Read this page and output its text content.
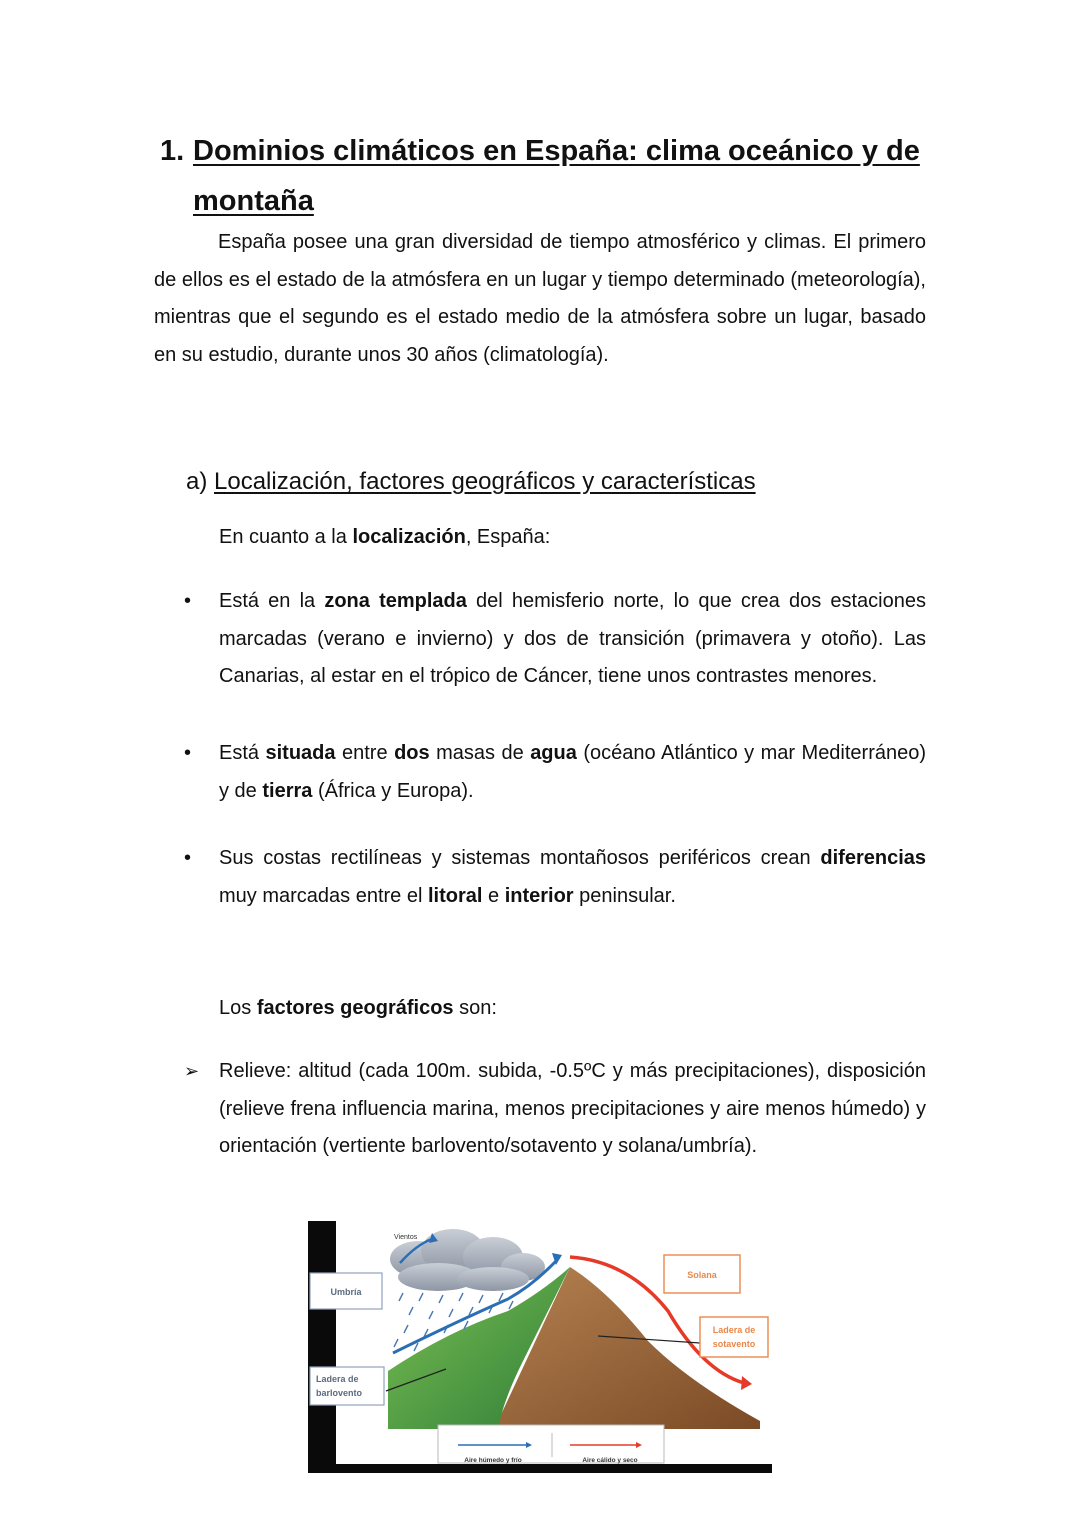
1. Dominios climáticos en España: clima oceánico y de montaña

España posee una gran diversidad de tiempo atmosférico y climas. El primero de ellos es el estado de la atmósfera en un lugar y tiempo determinado (meteorología), mientras que el segundo es el estado medio de la atmósfera sobre un lugar, basado en su estudio, durante unos 30 años (climatología).

a) Localización, factores geográficos y características
En cuanto a la localización, España:
•	Está en la zona templada del hemisferio norte, lo que crea dos estaciones marcadas (verano e invierno) y dos de transición (primavera y otoño). Las Canarias, al estar en el trópico de Cáncer, tiene unos contrastes menores.
•	Está situada entre dos masas de agua (océano Atlántico y mar Mediterráneo) y de tierra (África y Europa).
•	Sus costas rectilíneas y sistemas montañosos periféricos crean diferencias muy marcadas entre el litoral e interior peninsular.
Los factores geográficos son:
➢ Relieve: altitud (cada 100m. subida, -0.5ºC y más precipitaciones), disposición (relieve frena influencia marina, menos precipitaciones y aire menos húmedo) y orientación (vertiente barlovento/sotavento y solana/umbría).
Vientos
Umbría
Ladera de
barlovento
Solana
Ladera de
sotavento
Aire húmedo y frío	Aire cálido y seco
